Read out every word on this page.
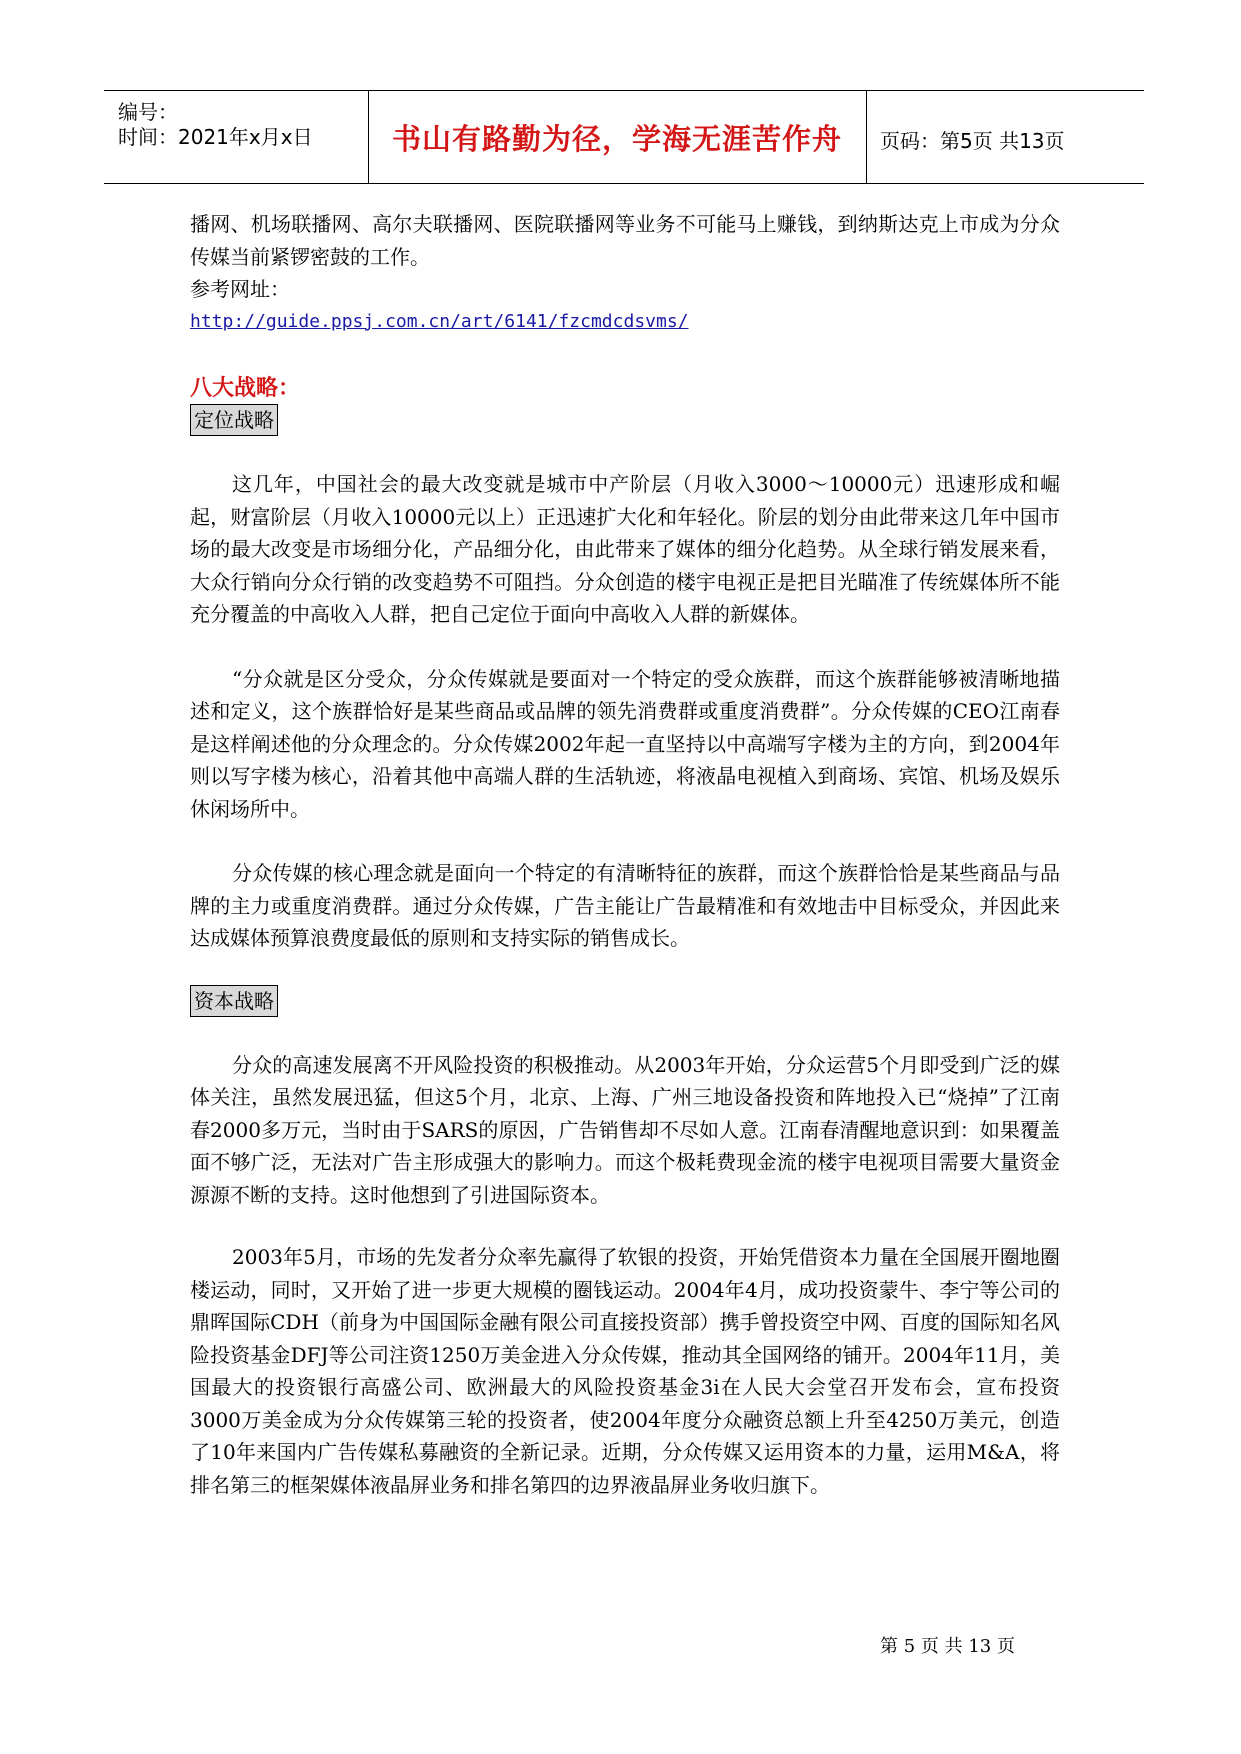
编号：
时间：2021年x月x日	书山有路勤为径，学海无涯苦作舟	页码：第5页 共13页

播网、机场联播网、高尔夫联播网、医院联播网等业务不可能马上赚钱，到纳斯达克上市成为分众传媒当前紧锣密鼓的工作。

参考网址：

http://guide.ppsj.com.cn/art/6141/fzcmdcdsvms/

八大战略：

定位战略

这几年，中国社会的最大改变就是城市中产阶层（月收入3000～10000元）迅速形成和崛起，财富阶层（月收入10000元以上）正迅速扩大化和年轻化。阶层的划分由此带来这几年中国市场的最大改变是市场细分化，产品细分化，由此带来了媒体的细分化趋势。从全球行销发展来看，大众行销向分众行销的改变趋势不可阻挡。分众创造的楼宇电视正是把目光瞄准了传统媒体所不能充分覆盖的中高收入人群，把自己定位于面向中高收入人群的新媒体。

“分众就是区分受众，分众传媒就是要面对一个特定的受众族群，而这个族群能够被清晰地描述和定义，这个族群恰好是某些商品或品牌的领先消费群或重度消费群”。分众传媒的CEO江南春是这样阐述他的分众理念的。分众传媒2002年起一直坚持以中高端写字楼为主的方向，到2004年则以写字楼为核心，沿着其他中高端人群的生活轨迹，将液晶电视植入到商场、宾馆、机场及娱乐休闲场所中。

分众传媒的核心理念就是面向一个特定的有清晰特征的族群，而这个族群恰恰是某些商品与品牌的主力或重度消费群。通过分众传媒，广告主能让广告最精准和有效地击中目标受众，并因此来达成媒体预算浪费度最低的原则和支持实际的销售成长。

资本战略

分众的高速发展离不开风险投资的积极推动。从2003年开始，分众运营5个月即受到广泛的媒体关注，虽然发展迅猛，但这5个月，北京、上海、广州三地设备投资和阵地投入已“烧掉”了江南春2000多万元，当时由于SARS的原因，广告销售却不尽如人意。江南春清醒地意识到：如果覆盖面不够广泛，无法对广告主形成强大的影响力。而这个极耗费现金流的楼宇电视项目需要大量资金源源不断的支持。这时他想到了引进国际资本。

2003年5月，市场的先发者分众率先赢得了软银的投资，开始凭借资本力量在全国展开圈地圈楼运动，同时，又开始了进一步更大规模的圈钱运动。2004年4月，成功投资蒙牛、李宁等公司的鼎晖国际CDH（前身为中国国际金融有限公司直接投资部）携手曾投资空中网、百度的国际知名风险投资基金DFJ等公司注资1250万美金进入分众传媒，推动其全国网络的铺开。2004年11月，美国最大的投资银行高盛公司、欧洲最大的风险投资基金3i在人民大会堂召开发布会，宣布投资3000万美金成为分众传媒第三轮的投资者，使2004年度分众融资总额上升至4250万美元，创造了10年来国内广告传媒私募融资的全新记录。近期，分众传媒又运用资本的力量，运用M&A，将排名第三的框架媒体液晶屏业务和排名第四的边界液晶屏业务收归旗下。

第 5 页 共 13 页
